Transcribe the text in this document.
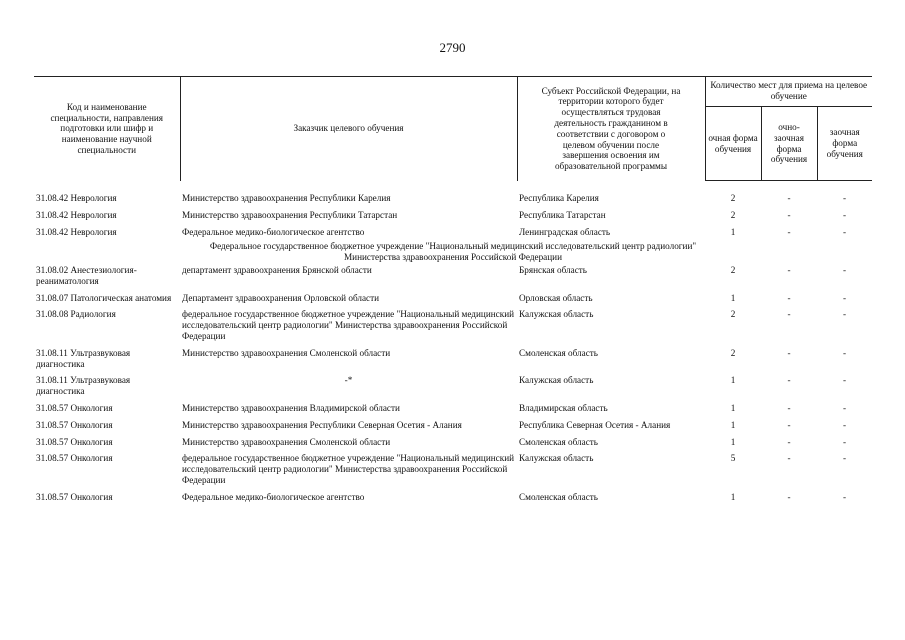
2790
Код и наименование специальности, направления подготовки или шифр и наименование научной специальности	Заказчик целевого обучения	Субъект Российской Федерации, на территории которого будет осуществляться трудовая деятельность гражданином в соответствии с договором о целевом обучении после завершения освоения им образовательной программы	Количество мест для приема на целевое обучение		
			очная форма обучения	очно-заочная форма обучения	заочная форма обучения

31.08.42 Неврология	Министерство здравоохранения Республики Карелия	Республика Карелия	2	-	-
31.08.42 Неврология	Министерство здравоохранения Республики Татарстан	Республика Татарстан	2	-	-
31.08.42 Неврология	Федеральное медико-биологическое агентство	Ленинградская область	1	-	-

Федеральное государственное бюджетное учреждение "Национальный медицинский исследовательский центр радиологии"
Министерства здравоохранения Российской Федерации					

31.08.02 Анестезиология-реаниматология	департамент здравоохранения Брянской области	Брянская область	2	-	-
31.08.07 Патологическая анатомия	Департамент здравоохранения Орловской области	Орловская область	1	-	-
31.08.08 Радиология	федеральное государственное бюджетное учреждение "Национальный медицинский исследовательский центр радиологии" Министерства здравоохранения Российской Федерации	Калужская область	2	-	-
31.08.11 Ультразвуковая диагностика	Министерство здравоохранения Смоленской области	Смоленская область	2	-	-
31.08.11 Ультразвуковая диагностика	-*	Калужская область	1	-	-
31.08.57 Онкология	Министерство здравоохранения Владимирской области	Владимирская область	1	-	-
31.08.57 Онкология	Министерство здравоохранения Республики Северная Осетия - Алания	Республика Северная Осетия - Алания	1	-	-
31.08.57 Онкология	Министерство здравоохранения Смоленской области	Смоленская область	1	-	-
31.08.57 Онкология	федеральное государственное бюджетное учреждение "Национальный медицинский исследовательский центр радиологии" Министерства здравоохранения Российской Федерации	Калужская область	5	-	-
31.08.57 Онкология	Федеральное медико-биологическое агентство	Смоленская область	1	-	-
